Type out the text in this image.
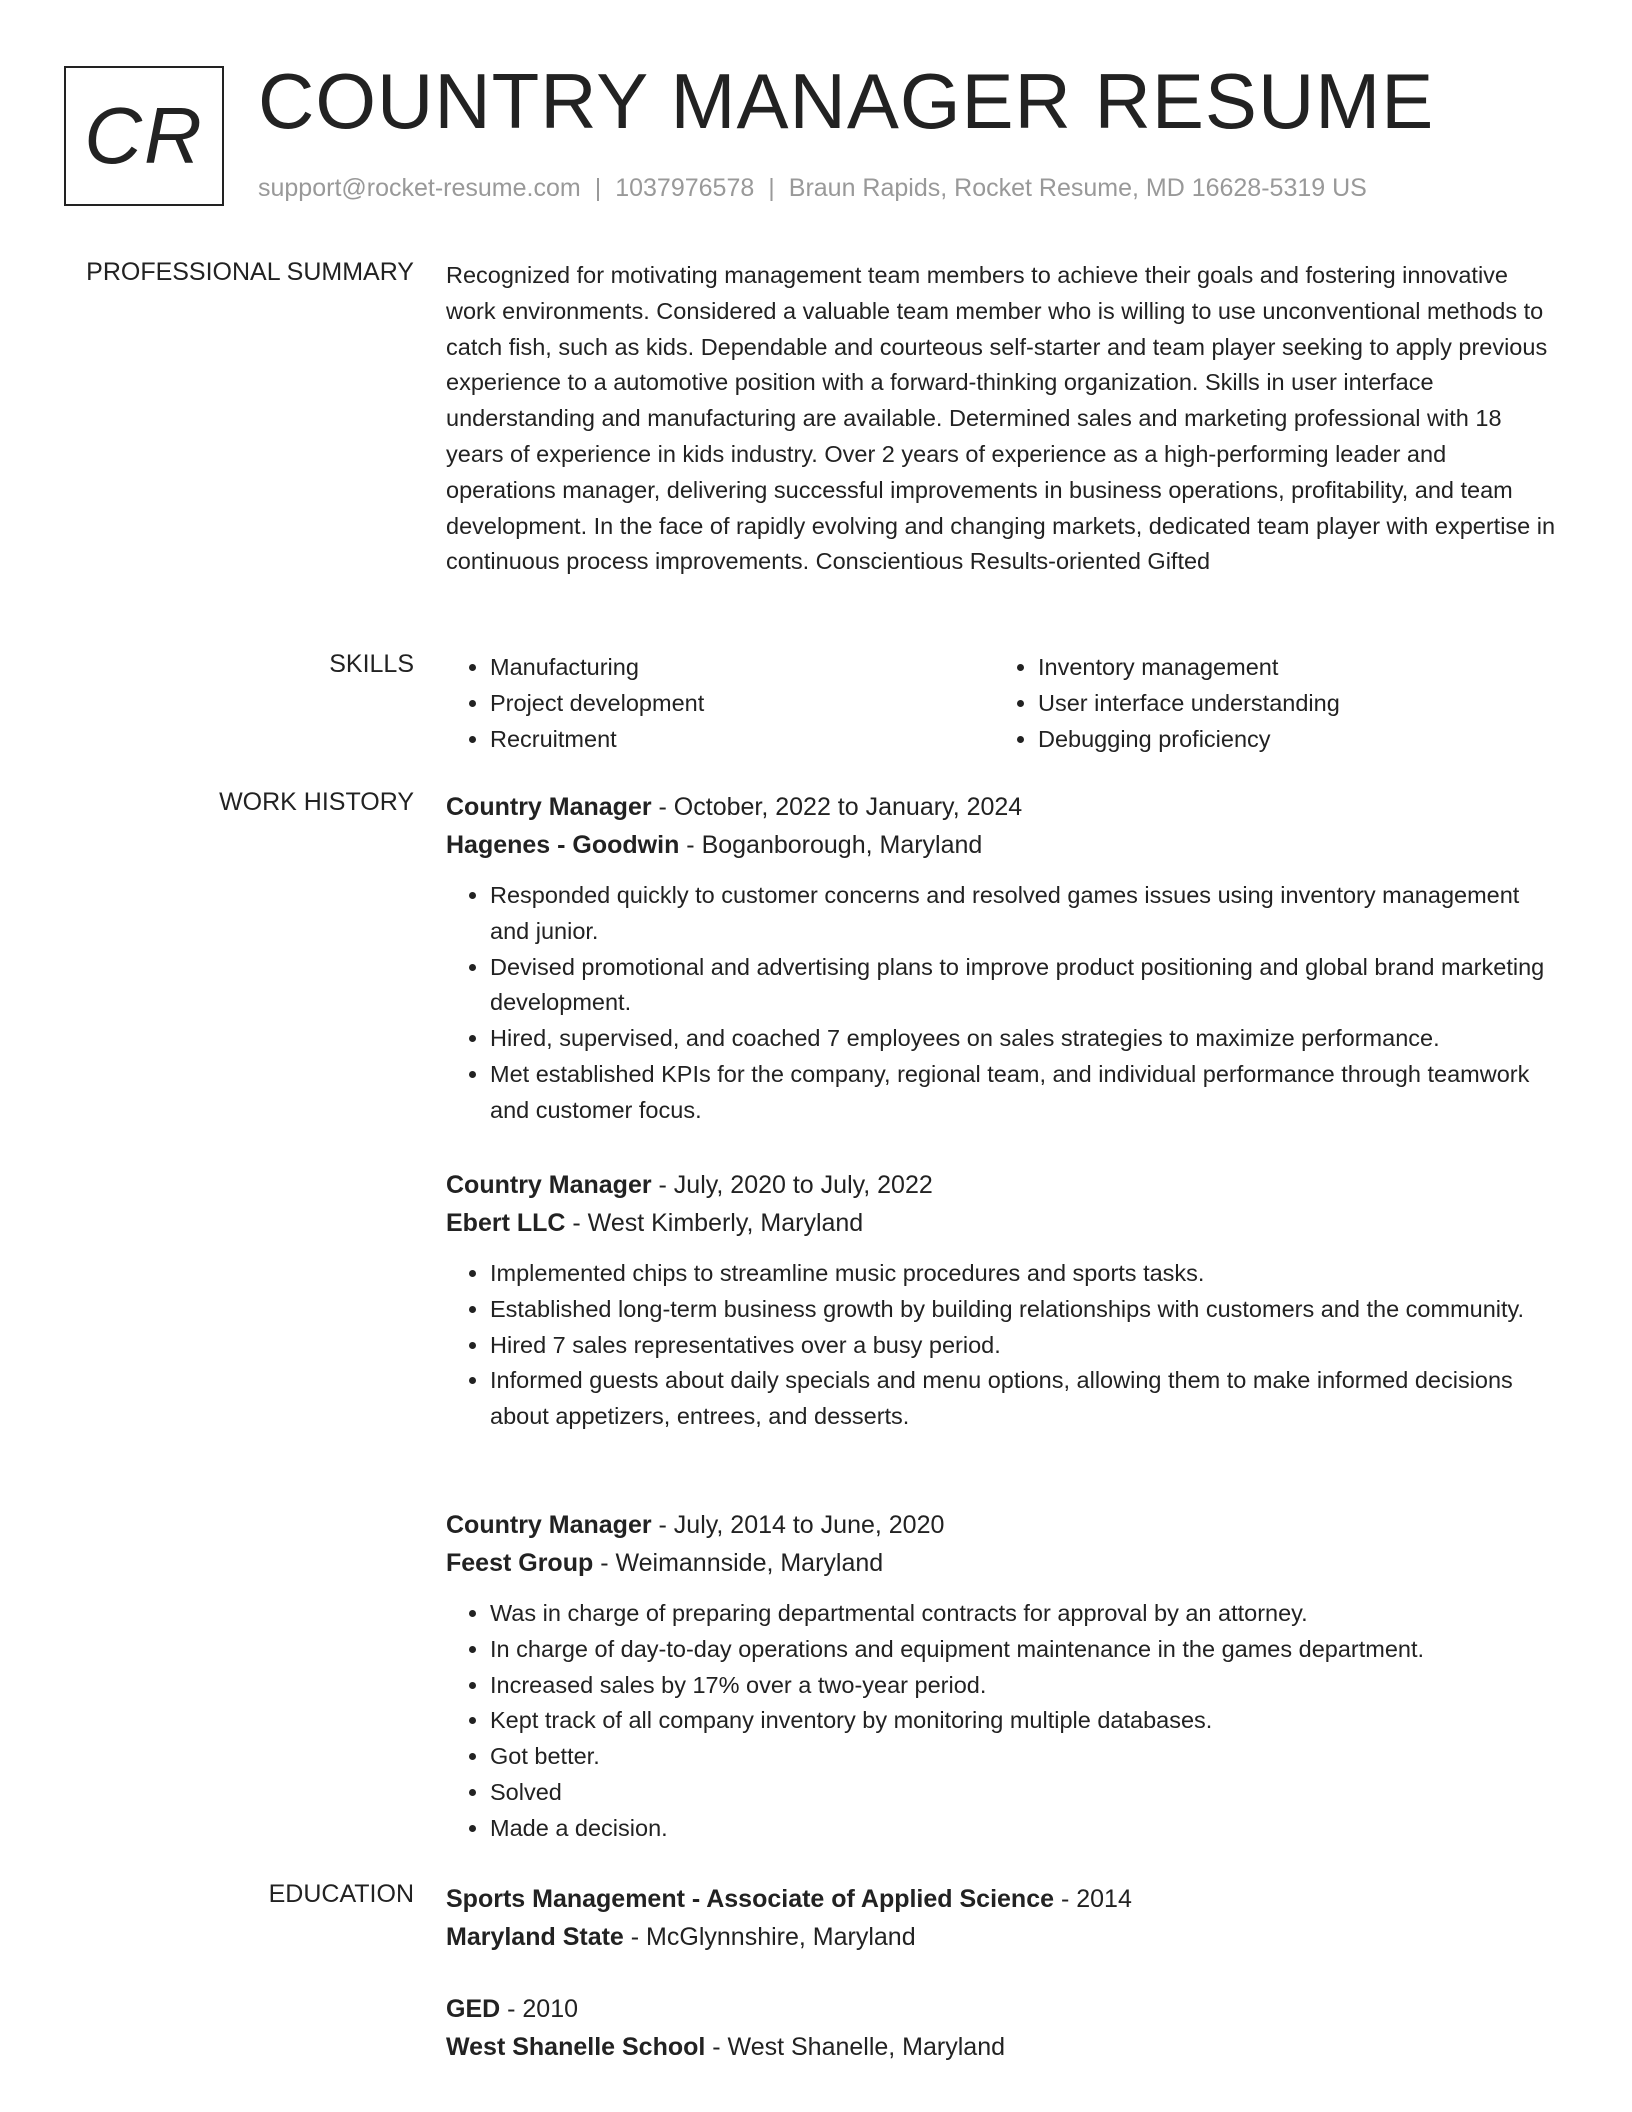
CR COUNTRY MANAGER RESUME
support@rocket-resume.com | 1037976578 | Braun Rapids, Rocket Resume, MD 16628-5319 US
PROFESSIONAL SUMMARY Recognized for motivating management team members to achieve their goals and fostering innovative work environments. Considered a valuable team member who is willing to use unconventional methods to catch fish, such as kids. Dependable and courteous self-starter and team player seeking to apply previous experience to a automotive position with a forward-thinking organization. Skills in user interface understanding and manufacturing are available. Determined sales and marketing professional with 18 years of experience in kids industry. Over 2 years of experience as a high-performing leader and operations manager, delivering successful improvements in business operations, profitability, and team development. In the face of rapidly evolving and changing markets, dedicated team player with expertise in continuous process improvements. Conscientious Results-oriented Gifted

SKILLS
•	Manufacturing
• Project development
• Recruitment
• Inventory management
• User interface understanding
• Debugging proficiency
WORK HISTORY Country Manager - October, 2022 to January, 2024
Hagenes - Goodwin - Boganborough, Maryland
• Responded quickly to customer concerns and resolved games issues using inventory management and junior.
• Devised promotional and advertising plans to improve product positioning and global brand marketing development.
• Hired, supervised, and coached 7 employees on sales strategies to maximize performance.
• Met established KPIs for the company, regional team, and individual performance through teamwork and customer focus.
Country Manager - July, 2020 to July, 2022
Ebert LLC - West Kimberly, Maryland
• Implemented chips to streamline music procedures and sports tasks.
• Established long-term business growth by building relationships with customers and the community.
• Hired 7 sales representatives over a busy period.
• Informed guests about daily specials and menu options, allowing them to make informed decisions about appetizers, entrees, and desserts.
Country Manager - July, 2014 to June, 2020
Feest Group - Weimannside, Maryland
• Was in charge of preparing departmental contracts for approval by an attorney.
• In charge of day-to-day operations and equipment maintenance in the games department.
• Increased sales by 17% over a two-year period.
• Kept track of all company inventory by monitoring multiple databases.
• Got better.
• Solved
• Made a decision.
EDUCATION Sports Management - Associate of Applied Science - 2014
Maryland State - McGlynnshire, Maryland
GED - 2010
West Shanelle School - West Shanelle, Maryland
